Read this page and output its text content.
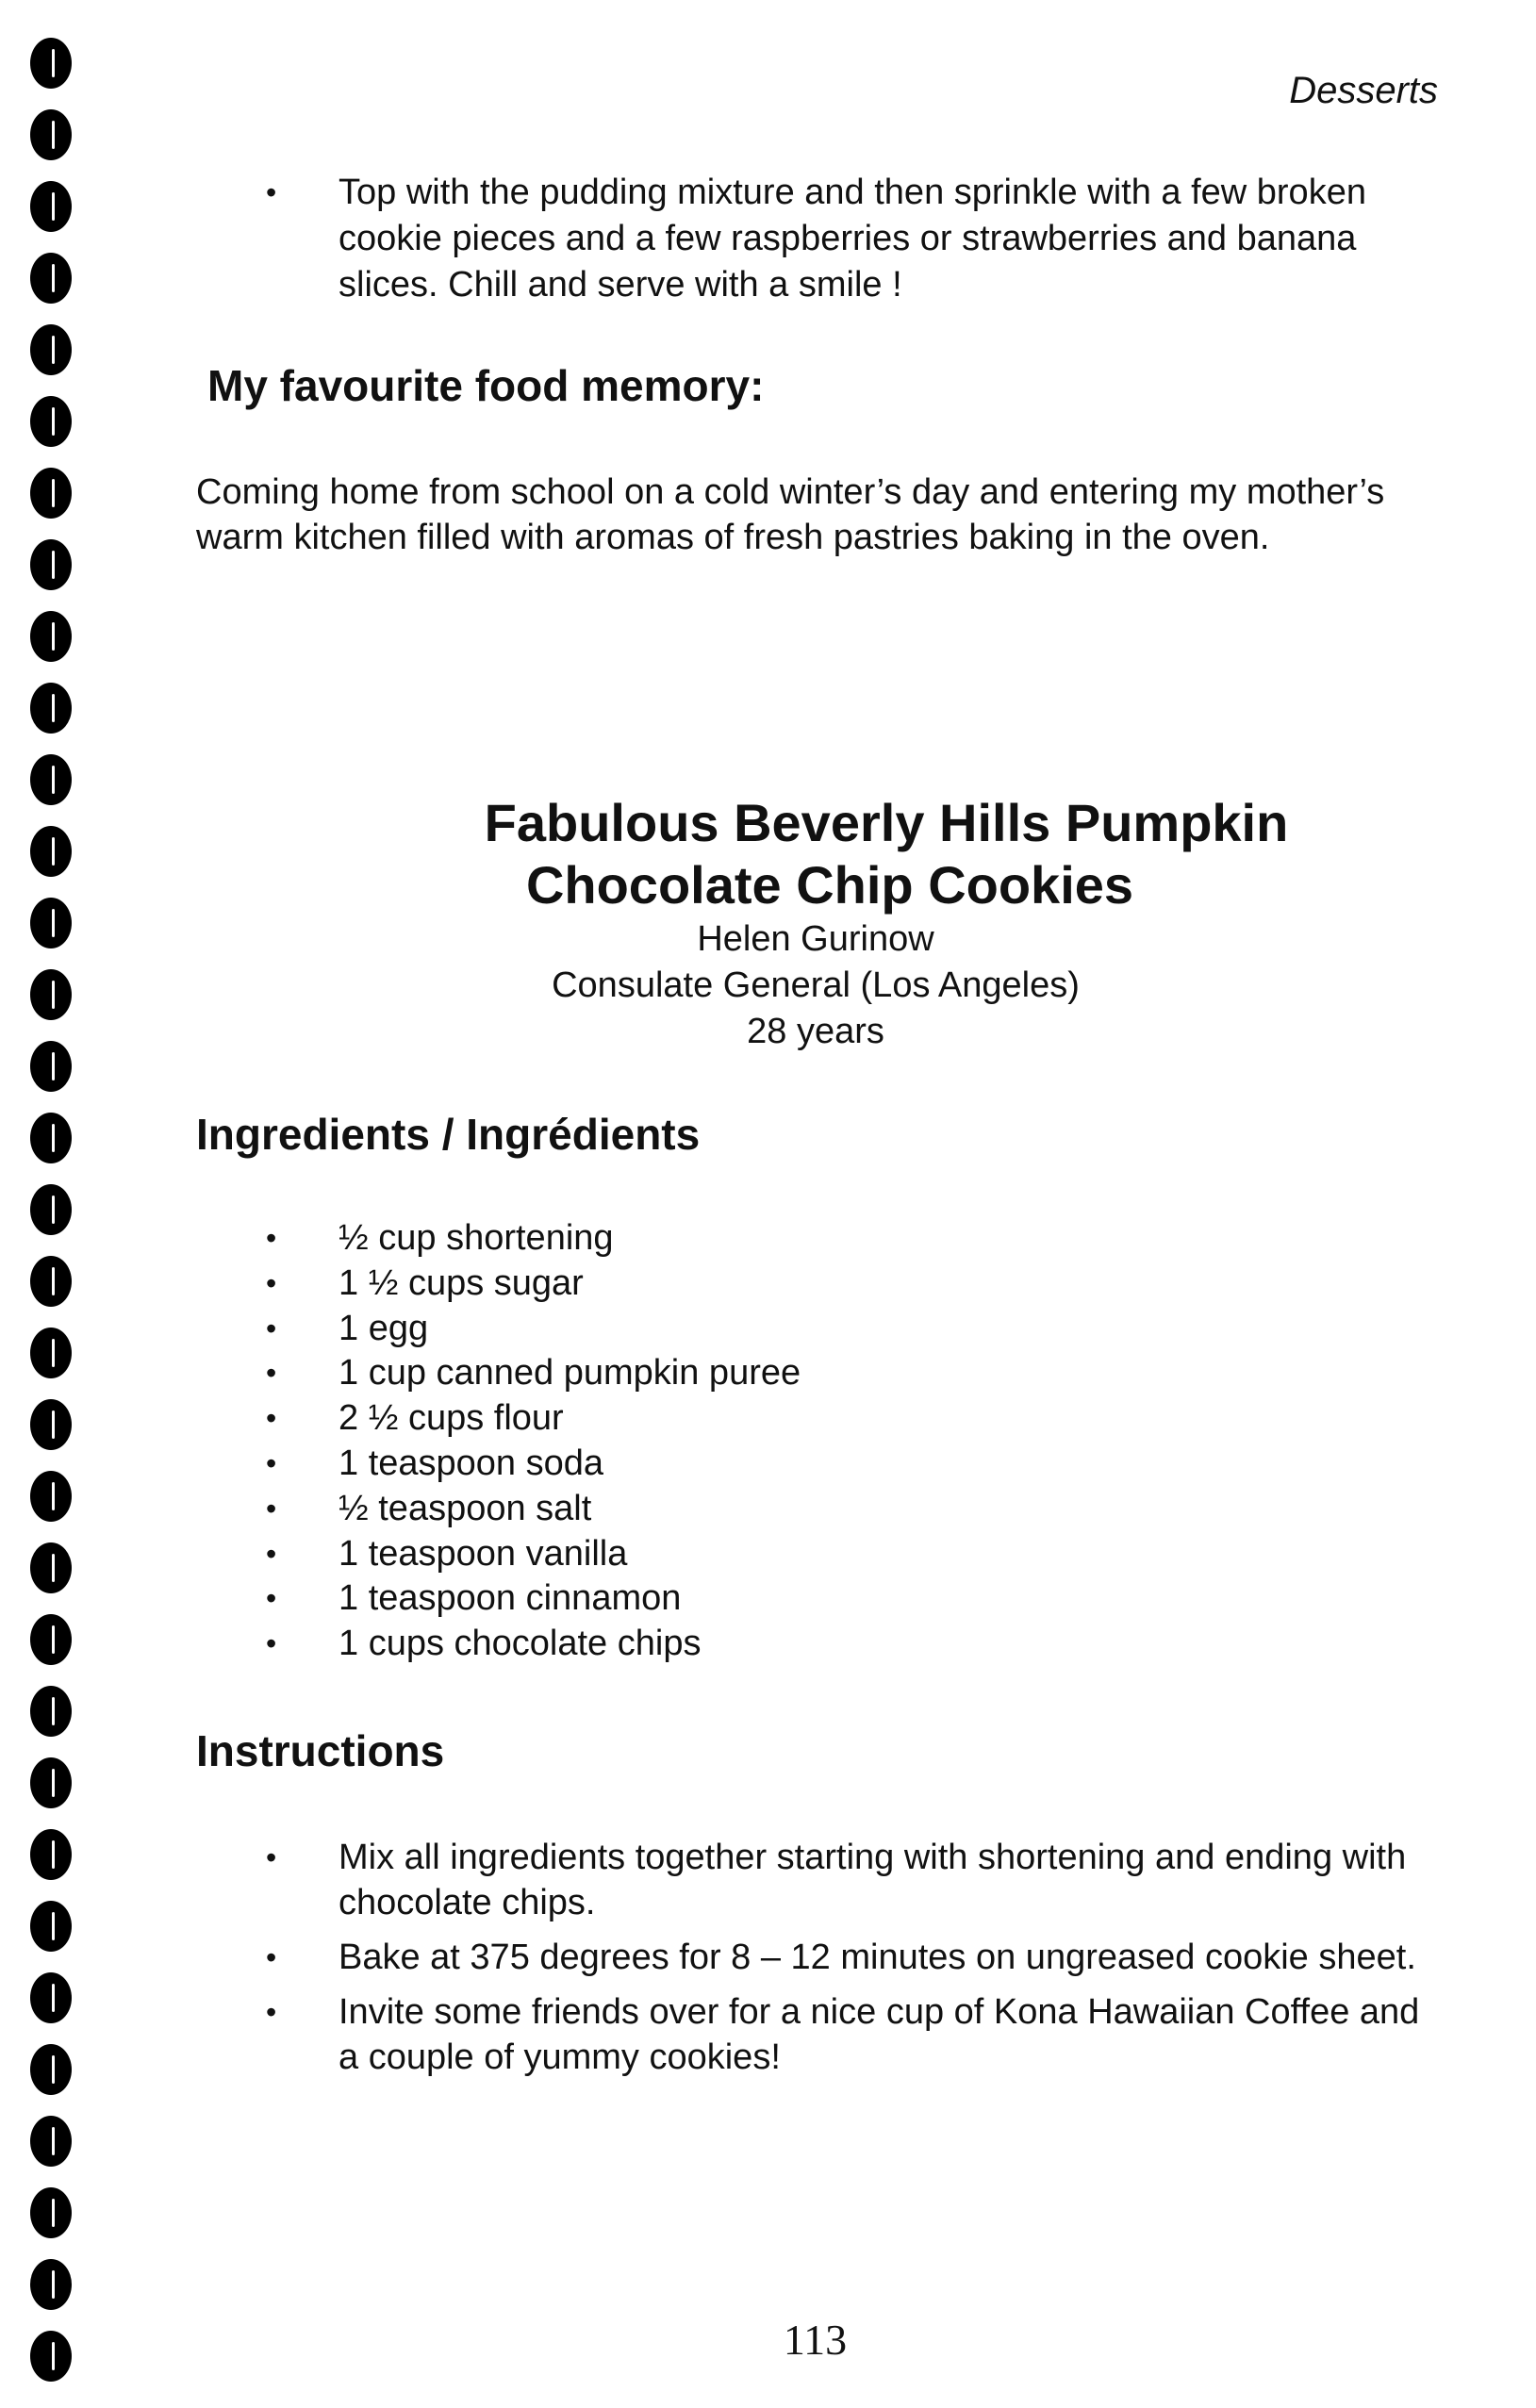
Desserts
• Top with the pudding mixture and then sprinkle with a few broken cookie pieces and a few raspberries or strawberries and banana slices. Chill and serve with a smile !
My favourite food memory:
Coming home from school on a cold winter’s day and entering my mother’s warm kitchen filled with aromas of fresh pastries baking in the oven.
Fabulous Beverly Hills Pumpkin
Chocolate Chip Cookies
Helen Gurinow
Consulate General (Los Angeles)
28 years
Ingredients / Ingrédients
• ½ cup shortening
• 1 ½ cups sugar
• 1 egg
• 1 cup canned pumpkin puree
• 2 ½ cups flour
• 1 teaspoon soda
• ½ teaspoon salt
• 1 teaspoon vanilla
• 1 teaspoon cinnamon
• 1 cups chocolate chips
Instructions
• Mix all ingredients together starting with shortening and ending with chocolate chips.
• Bake at 375 degrees for 8 – 12 minutes on ungreased cookie sheet.
• Invite some friends over for a nice cup of Kona Hawaiian Coffee and a couple of yummy cookies!
113
